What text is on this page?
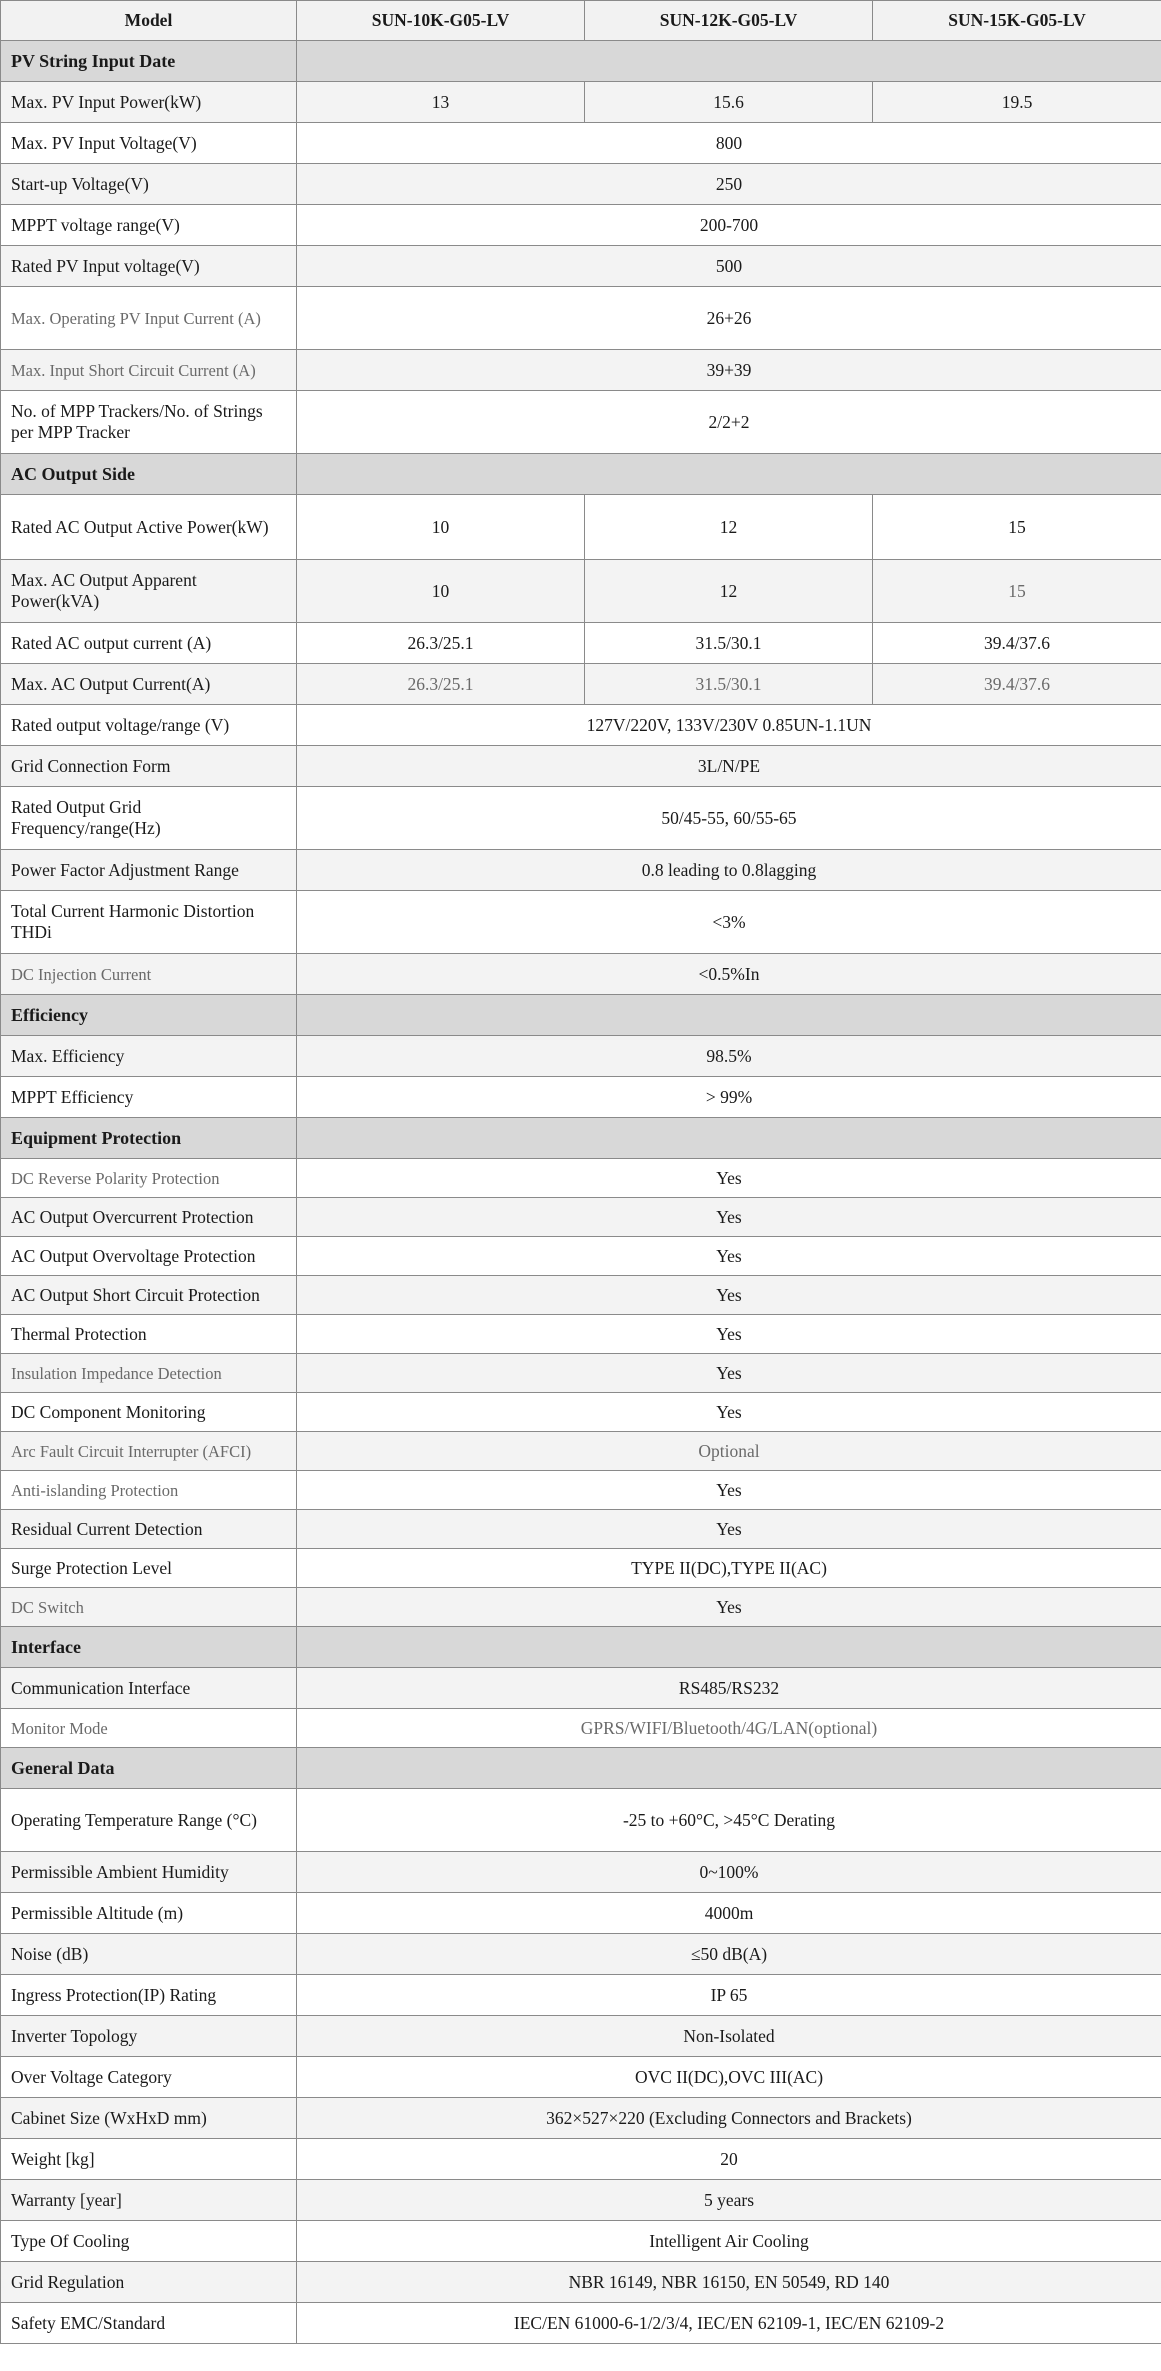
Model	SUN-10K-G05-LV	SUN-12K-G05-LV	SUN-15K-G05-LV
PV String Input Date			
Max. PV Input Power(kW)	13	15.6	19.5
Max. PV Input Voltage(V)	800		
Start-up Voltage(V)	250		
MPPT voltage range(V)	200-700		
Rated PV Input voltage(V)	500		
Max. Operating PV Input Current (A)	26+26		
Max. Input Short Circuit Current (A)	39+39		
No. of MPP Trackers/No. of Strings per MPP Tracker	2/2+2		
AC Output Side			
Rated AC Output Active Power(kW)	10	12	15
Max. AC Output Apparent Power(kVA)	10	12	15
Rated AC output current (A)	26.3/25.1	31.5/30.1	39.4/37.6
Max. AC Output Current(A)	26.3/25.1	31.5/30.1	39.4/37.6
Rated output voltage/range (V)	127V/220V, 133V/230V 0.85UN-1.1UN		
Grid Connection Form	3L/N/PE		
Rated Output Grid Frequency/range(Hz)	50/45-55, 60/55-65		
Power Factor Adjustment Range	0.8 leading to 0.8lagging		
Total Current Harmonic Distortion THDi	<3%		
DC Injection Current	<0.5%In		
Efficiency			
Max. Efficiency	98.5%		
MPPT Efficiency	> 99%		
Equipment Protection			
DC Reverse Polarity Protection	Yes		
AC Output Overcurrent Protection	Yes		
AC Output Overvoltage Protection	Yes		
AC Output Short Circuit Protection	Yes		
Thermal Protection	Yes		
Insulation Impedance Detection	Yes		
DC Component Monitoring	Yes		
Arc Fault Circuit Interrupter (AFCI)	Optional		
Anti-islanding Protection	Yes		
Residual Current Detection	Yes		
Surge Protection Level	TYPE II(DC),TYPE II(AC)		
DC Switch	Yes		
Interface			
Communication Interface	RS485/RS232		
Monitor Mode	GPRS/WIFI/Bluetooth/4G/LAN(optional)		
General Data			
Operating Temperature Range (°C)	-25 to +60°C, >45°C Derating		
Permissible Ambient Humidity	0~100%		
Permissible Altitude (m)	4000m		
Noise (dB)	≤50 dB(A)		
Ingress Protection(IP) Rating	IP 65		
Inverter Topology	Non-Isolated		
Over Voltage Category	OVC II(DC),OVC III(AC)		
Cabinet Size (WxHxD mm)	362×527×220 (Excluding Connectors and Brackets)		
Weight [kg]	20		
Warranty [year]	5 years		
Type Of Cooling	Intelligent Air Cooling		
Grid Regulation	NBR 16149, NBR 16150, EN 50549, RD 140		
Safety EMC/Standard	IEC/EN 61000-6-1/2/3/4, IEC/EN 62109-1, IEC/EN 62109-2		
